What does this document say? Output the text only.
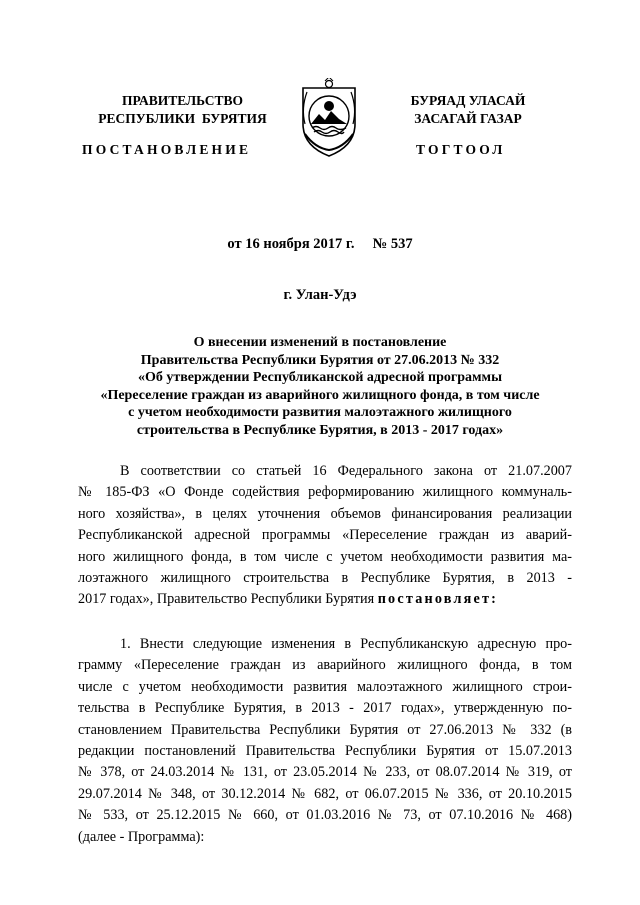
ПРАВИТЕЛЬСТВО
РЕСПУБЛИКИ  БУРЯТИЯ
ПОСТАНОВЛЕНИЕ
БУРЯАД УЛАСАЙ
ЗАСАГАЙ ГАЗАР
ТОГТООЛ
от 16 ноября 2017 г.     № 537
г. Улан-Удэ
О внесении изменений в постановление
Правительства Республики Бурятия от 27.06.2013 № 332
«Об утверждении Республиканской адресной программы
«Переселение граждан из аварийного жилищного фонда, в том числе
с учетом необходимости развития малоэтажного жилищного
строительства в Республике Бурятия, в 2013 - 2017 годах»
В соответствии со статьей 16 Федерального закона от 21.07.2007
№ 185-ФЗ «О Фонде содействия реформированию жилищного коммуналь-
ного хозяйства», в целях уточнения объемов финансирования реализации
Республиканской адресной программы «Переселение граждан из аварий-
ного жилищного фонда, в том числе с учетом необходимости развития ма-
лоэтажного жилищного строительства в Республике Бурятия, в 2013 -
2017 годах», Правительство Республики Бурятия постановляет:
1. Внести следующие изменения в Республиканскую адресную про-
грамму «Переселение граждан из аварийного жилищного фонда, в том
числе с учетом необходимости развития малоэтажного жилищного строи-
тельства в Республике Бурятия, в 2013 - 2017 годах», утвержденную по-
становлением Правительства Республики Бурятия от 27.06.2013 № 332 (в
редакции постановлений Правительства Республики Бурятия от 15.07.2013
№ 378, от 24.03.2014 № 131, от 23.05.2014 № 233, от 08.07.2014 № 319, от
29.07.2014 № 348, от 30.12.2014 № 682, от 06.07.2015 № 336, от 20.10.2015
№ 533, от 25.12.2015 № 660, от 01.03.2016 № 73, от 07.10.2016 № 468)
(далее - Программа):
